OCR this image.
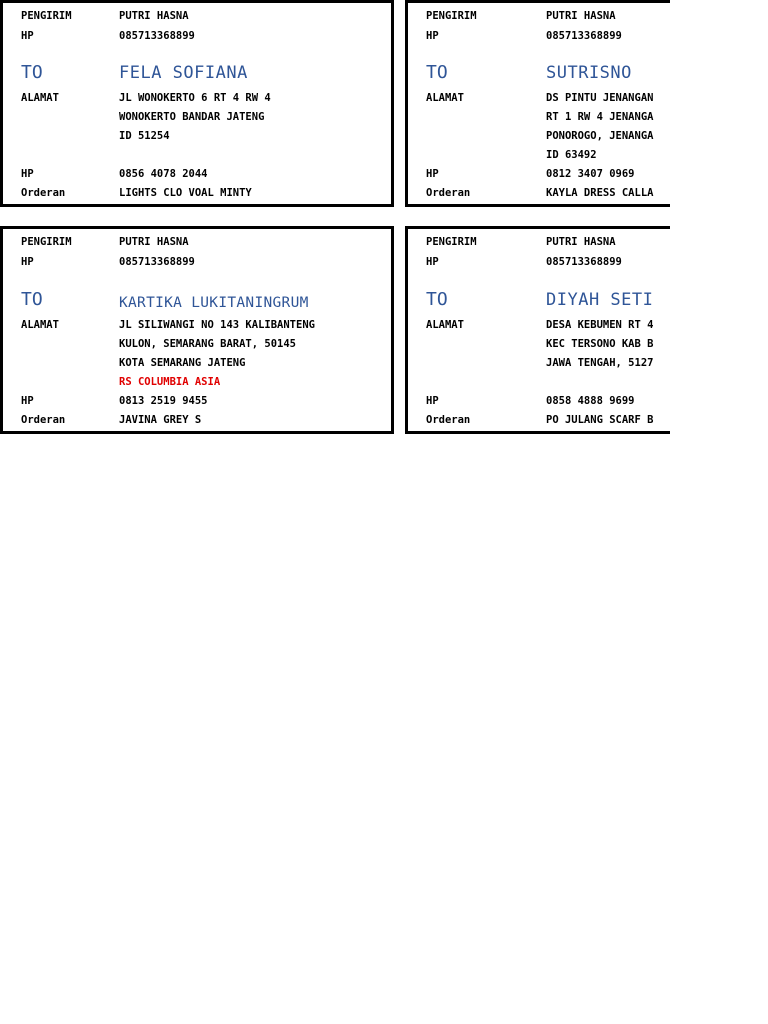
PENGIRIM	PUTRI HASNA
HP	085713368899
TO	FELA SOFIANA
ALAMAT	JL WONOKERTO 6 RT 4 RW 4
WONOKERTO BANDAR JATENG
ID 51254
HP	0856 4078 2044
Orderan	LIGHTS CLO VOAL MINTY
PENGIRIM	PUTRI HASNA
HP	085713368899
TO	SUTRISNO
ALAMAT	DS PINTU JENANGAN
RT 1 RW 4 JENANGA
PONOROGO, JENANGA
ID 63492
HP	0812 3407 0969
Orderan	KAYLA DRESS CALLA
PENGIRIM	PUTRI HASNA
HP	085713368899
TO	KARTIKA LUKITANINGRUM
ALAMAT	JL SILIWANGI NO 143 KALIBANTENG
KULON, SEMARANG BARAT, 50145
KOTA SEMARANG JATENG
RS COLUMBIA ASIA
HP	0813 2519 9455
Orderan	JAVINA GREY S
PENGIRIM	PUTRI HASNA
HP	085713368899
TO	DIYAH SETI
ALAMAT	DESA KEBUMEN RT 4
KEC TERSONO KAB B
JAWA TENGAH, 5127
HP	0858 4888 9699
Orderan	PO JULANG SCARF B
